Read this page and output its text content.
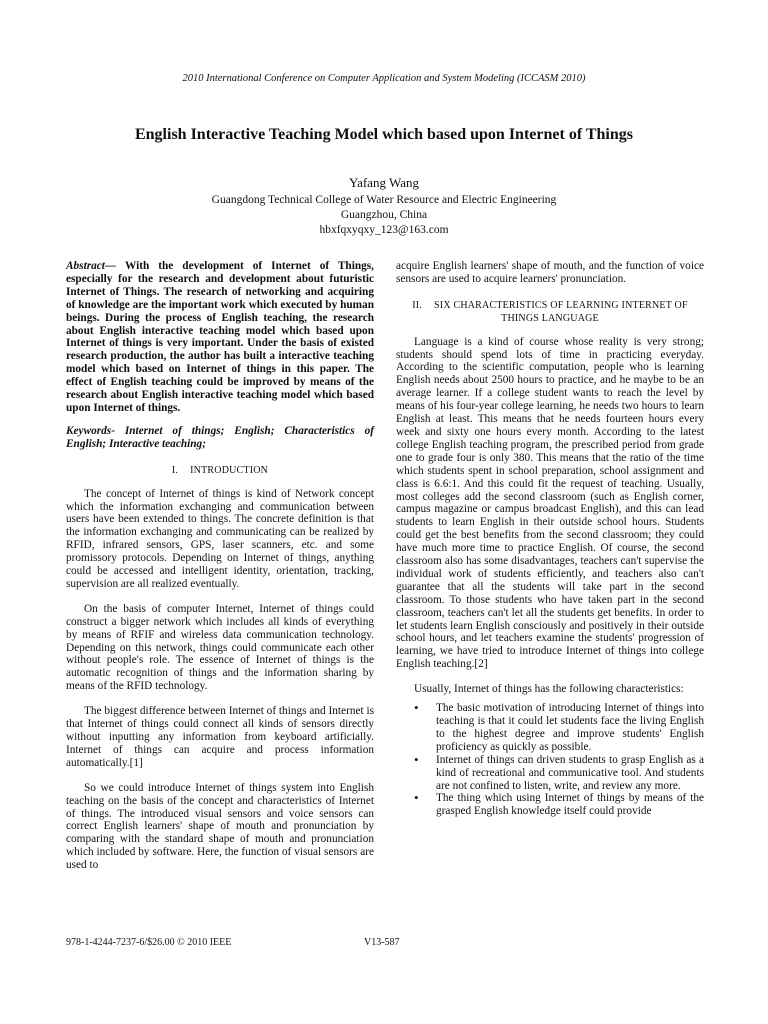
2010 International Conference on Computer Application and System Modeling (ICCASM 2010)
English Interactive Teaching Model which based upon Internet of Things
Yafang Wang
Guangdong Technical College of Water Resource and Electric Engineering
Guangzhou, China
hbxfqxyqxy_123@163.com

Abstract— With the development of Internet of Things, especially for the research and development about futuristic Internet of Things. The research of networking and acquiring of knowledge are the important work which executed by human beings. During the process of English teaching, the research about English interactive teaching model which based upon Internet of things is very important. Under the basis of existed research production, the author has built a interactive teaching model which based on Internet of things in this paper. The effect of English teaching could be improved by means of the research about English interactive teaching model which based upon Internet of things.

Keywords- Internet of things; English; Characteristics of English; Interactive teaching;

I. INTRODUCTION

The concept of Internet of things is kind of Network concept which the information exchanging and communication between users have been extended to things. The concrete definition is that the information exchanging and communicating can be realized by RFID, infrared sensors, GPS, laser scanners, etc. and some promissory protocols. Depending on Internet of things, anything could be accessed and intelligent identity, orientation, tracking, supervision are all realized eventually.

On the basis of computer Internet, Internet of things could construct a bigger network which includes all kinds of everything by means of RFIF and wireless data communication technology. Depending on this network, things could communicate each other without people's role. The essence of Internet of things is the automatic recognition of things and the information sharing by means of the RFID technology.

The biggest difference between Internet of things and Internet is that Internet of things could connect all kinds of sensors directly without inputting any information from keyboard artificially. Internet of things can acquire and process information automatically.[1]

So we could introduce Internet of things system into English teaching on the basis of the concept and characteristics of Internet of things. The introduced visual sensors and voice sensors can correct English learners' shape of mouth and pronunciation by comparing with the standard shape of mouth and pronunciation which included by software. Here, the function of visual sensors are used to

acquire English learners' shape of mouth, and the function of voice sensors are used to acquire learners' pronunciation.

II. SIX CHARACTERISTICS OF LEARNING INTERNET OF THINGS LANGUAGE

Language is a kind of course whose reality is very strong; students should spend lots of time in practicing everyday. According to the scientific computation, people who is learning English needs about 2500 hours to practice, and he maybe to be an average learner. If a college student wants to reach the level by means of his four-year college learning, he needs two hours to learn English at least. This means that he needs fourteen hours every week and sixty one hours every month. According to the latest college English teaching program, the prescribed period from grade one to grade four is only 380. This means that the ratio of the time which students spent in school preparation, school assignment and class is 6.6:1. And this could fit the request of teaching. Usually, most colleges add the second classroom (such as English corner, campus magazine or campus broadcast English), and this can lead students to learn English in their outside school hours. Students could get the best benefits from the second classroom; they could have much more time to practice English. Of course, the second classroom also has some disadvantages, teachers can't supervise the individual work of students efficiently, and teachers also can't guarantee that all the students will take part in the second classroom. To those students who have taken part in the second classroom, teachers can't let all the students get benefits. In order to let students learn English consciously and positively in their outside school hours, and let teachers examine the students' progression of learning, we have tried to introduce Internet of things into college English teaching.[2]

Usually, Internet of things has the following characteristics:

• The basic motivation of introducing Internet of things into teaching is that it could let students face the living English to the highest degree and improve students' English proficiency as quickly as possible.
• Internet of things can driven students to grasp English as a kind of recreational and communicative tool. And students are not confined to listen, write, and review any more.
• The thing which using Internet of things by means of the grasped English knowledge itself could provide
978-1-4244-7237-6/$26.00 © 2010 IEEE	V13-587
